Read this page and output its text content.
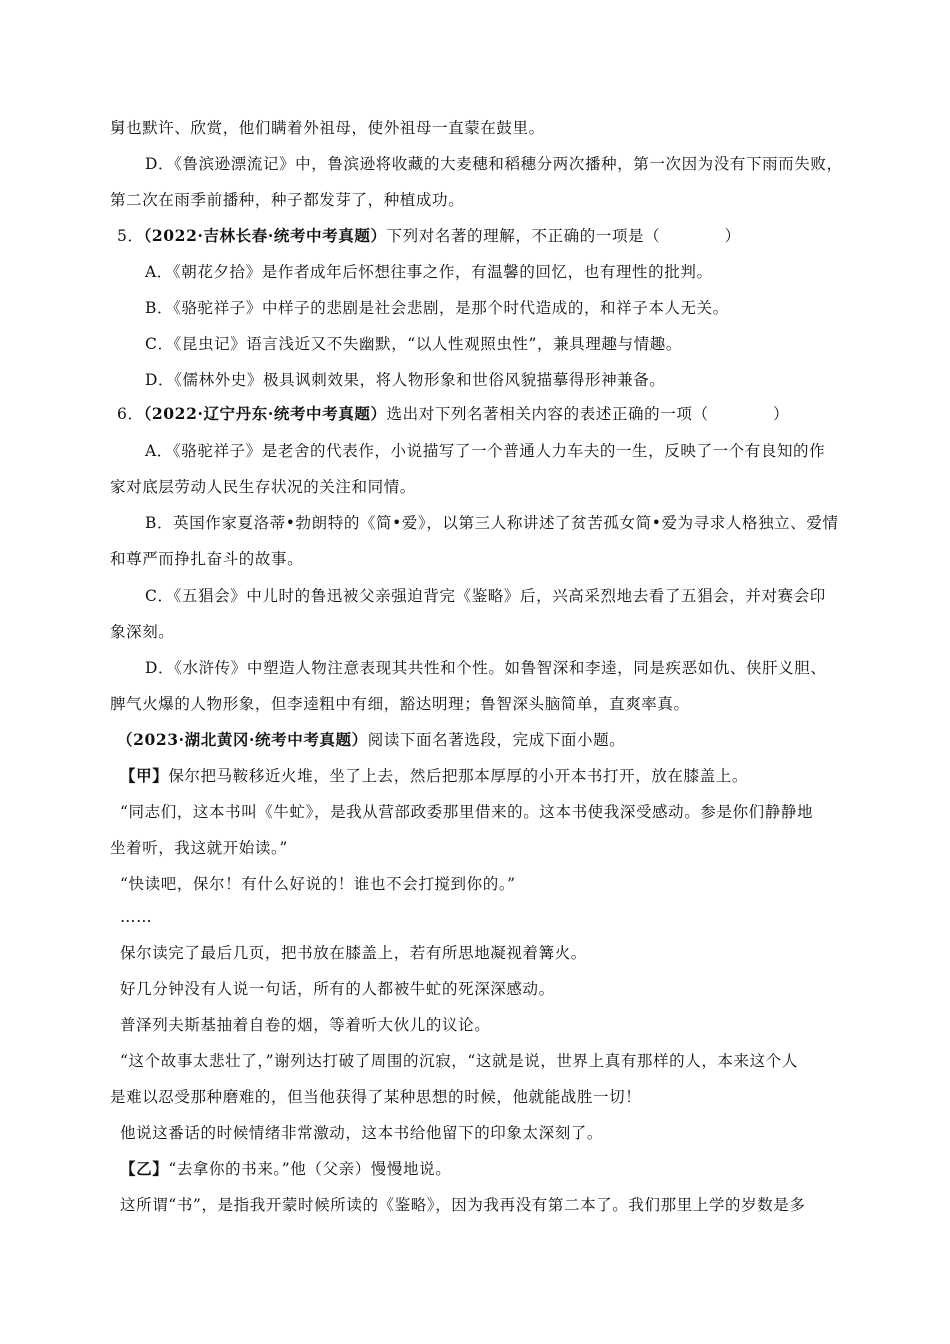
舅也默许、欣赏，他们瞒着外祖母，使外祖母一直蒙在鼓里。
D．《鲁滨逊漂流记》中，鲁滨逊将收藏的大麦穗和稻穗分两次播种，第一次因为没有下雨而失败，
第二次在雨季前播种，种子都发芽了，种植成功。
5．（2022·吉林长春·统考中考真题）下列对名著的理解，不正确的一项是（　　　　）
A．《朝花夕拾》是作者成年后怀想往事之作，有温馨的回忆，也有理性的批判。
B．《骆驼祥子》中样子的悲剧是社会悲剧，是那个时代造成的，和祥子本人无关。
C．《昆虫记》语言浅近又不失幽默，“以人性观照虫性”，兼具理趣与情趣。
D．《儒林外史》极具讽刺效果，将人物形象和世俗风貌描摹得形神兼备。
6．（2022·辽宁丹东·统考中考真题）选出对下列名著相关内容的表述正确的一项（　　　　）
A．《骆驼祥子》是老舍的代表作，小说描写了一个普通人力车夫的一生，反映了一个有良知的作
家对底层劳动人民生存状况的关注和同情。
B．英国作家夏洛蒂•勃朗特的《简•爱》，以第三人称讲述了贫苦孤女简•爱为寻求人格独立、爱情
和尊严而挣扎奋斗的故事。
C．《五猖会》中儿时的鲁迅被父亲强迫背完《鉴略》后，兴高采烈地去看了五猖会，并对赛会印
象深刻。
D．《水浒传》中塑造人物注意表现其共性和个性。如鲁智深和李逵，同是疾恶如仇、侠肝义胆、
脾气火爆的人物形象，但李逵粗中有细，豁达明理；鲁智深头脑简单，直爽率真。
（2023·湖北黄冈·统考中考真题）阅读下面名著选段，完成下面小题。
【甲】保尔把马鞍移近火堆，坐了上去，然后把那本厚厚的小开本书打开，放在膝盖上。
“同志们，这本书叫《牛虻》，是我从营部政委那里借来的。这本书使我深受感动。参是你们静静地
坐着听，我这就开始读。”
“快读吧，保尔！有什么好说的！谁也不会打搅到你的。”
……
保尔读完了最后几页，把书放在膝盖上，若有所思地凝视着篝火。
好几分钟没有人说一句话，所有的人都被牛虻的死深深感动。
普泽列夫斯基抽着自卷的烟，等着听大伙儿的议论。
“这个故事太悲壮了，”谢列达打破了周围的沉寂，“这就是说，世界上真有那样的人，本来这个人
是难以忍受那种磨难的，但当他获得了某种思想的时候，他就能战胜一切！
他说这番话的时候情绪非常激动，这本书给他留下的印象太深刻了。
【乙】“去拿你的书来。”他（父亲）慢慢地说。
这所谓“书”，是指我开蒙时候所读的《鉴略》，因为我再没有第二本了。我们那里上学的岁数是多
